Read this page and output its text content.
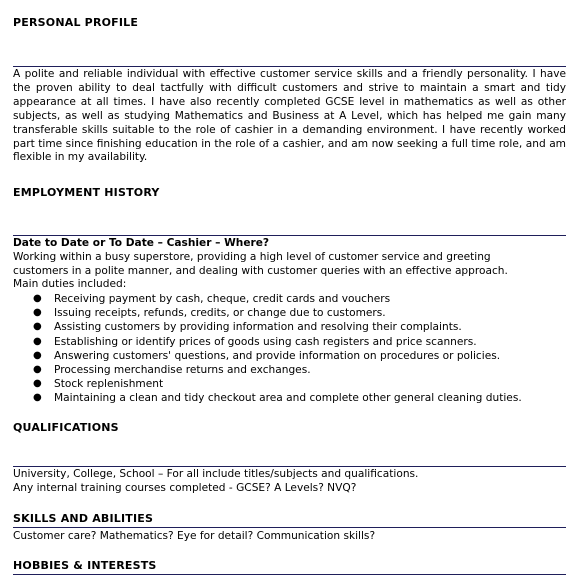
PERSONAL PROFILE
A polite and reliable individual with effective customer service skills and a friendly personality. I have the proven ability to deal tactfully with difficult customers and strive to maintain a smart and tidy appearance at all times. I have also recently completed GCSE level in mathematics as well as other subjects, as well as studying Mathematics and Business at A Level, which has helped me gain many transferable skills suitable to the role of cashier in a demanding environment. I have recently worked part time since finishing education in the role of a cashier, and am now seeking a full time role, and am flexible in my availability.
EMPLOYMENT HISTORY
Date to Date or To Date – Cashier – Where?
Working within a busy superstore, providing a high level of customer service and greeting
customers in a polite manner, and dealing with customer queries with an effective approach.
Main duties included:
● Receiving payment by cash, cheque, credit cards and vouchers
● Issuing receipts, refunds, credits, or change due to customers.
● Assisting customers by providing information and resolving their complaints.
● Establishing or identify prices of goods using cash registers and price scanners.
● Answering customers' questions, and provide information on procedures or policies.
● Processing merchandise returns and exchanges.
● Stock replenishment
● Maintaining a clean and tidy checkout area and complete other general cleaning duties.
QUALIFICATIONS
University, College, School – For all include titles/subjects and qualifications.
Any internal training courses completed - GCSE? A Levels? NVQ?
SKILLS AND ABILITIES
Customer care? Mathematics? Eye for detail? Communication skills?
HOBBIES & INTERESTS
